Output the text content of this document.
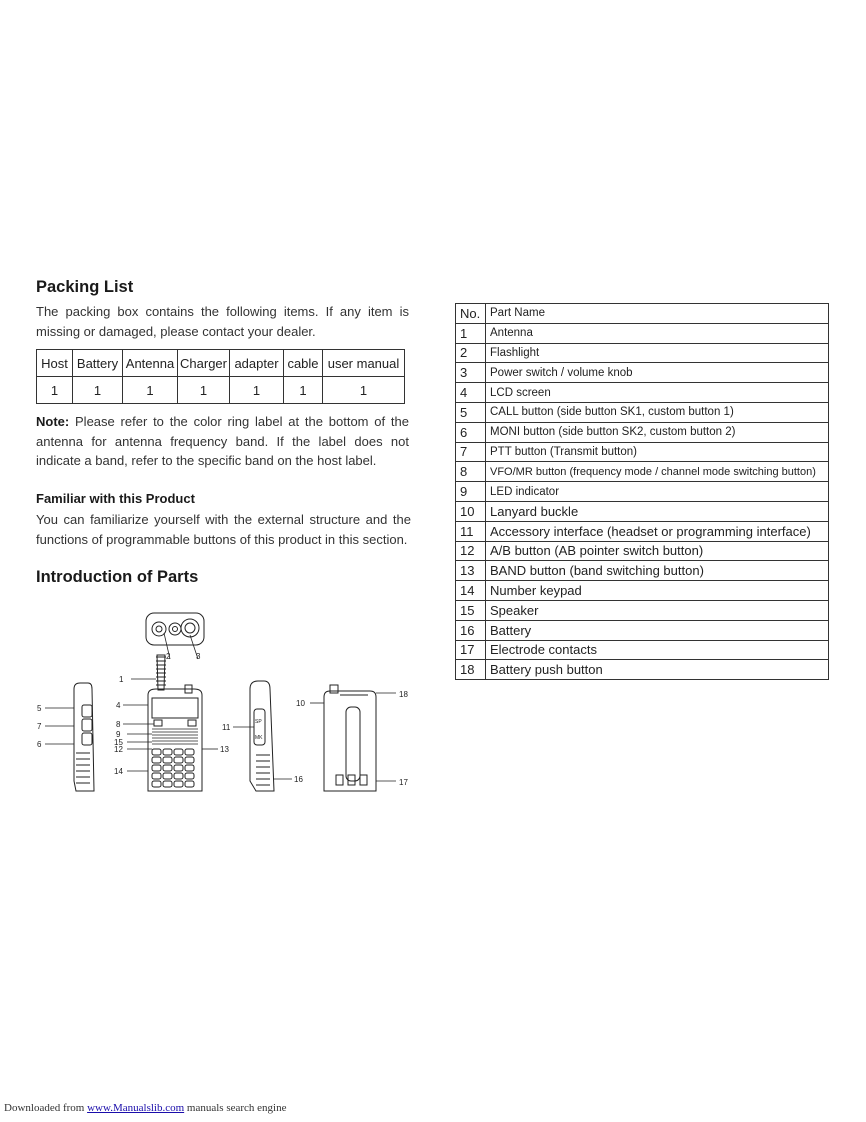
Packing List

The packing box contains the following items. If any item is missing or damaged, please contact your dealer.

Host	Battery	Antenna	Charger	adapter	cable	user manual
1	1	1	1	1	1	1

Note: Please refer to the color ring label at the bottom of the antenna for antenna frequency band. If the label does not indicate a band, refer to the specific band on the host label.

Familiar with this Product

You can familiarize yourself with the external structure and the functions of programmable buttons of this product in this section.

Introduction of Parts
1
2	3
4
5
6
7	8
9
10
11
12	13
14
15
16	17
18
SP
MK
No.	Part Name
1	Antenna
2	Flashlight
3	Power switch / volume knob
4	LCD screen
5	CALL button (side button SK1, custom button 1)
6	MONI button (side button SK2, custom button 2)
7	PTT button (Transmit button)
8	VFO/MR button (frequency mode / channel mode switching button)
9	LED indicator
10	Lanyard buckle
11	Accessory interface (headset or programming interface)
12	A/B button (AB pointer switch button)
13	BAND button (band switching button)
14	Number keypad
15	Speaker
16	Battery
17	Electrode contacts
18	Battery push button
Downloaded from www.Manualslib.com manuals search engine
